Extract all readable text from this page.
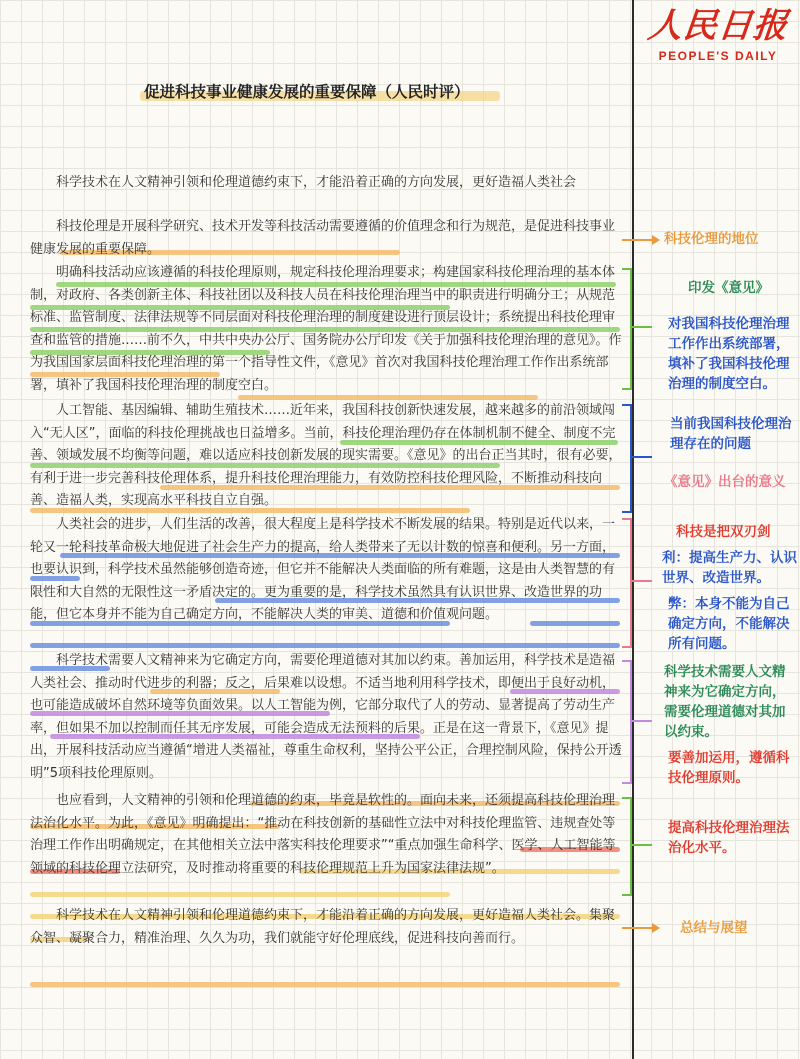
人民日报
PEOPLE'S DAILY
促进科技事业健康发展的重要保障（人民时评）

科学技术在人文精神引领和伦理道德约束下，才能沿着正确的方向发展，更好造福人类社会

科技伦理是开展科学研究、技术开发等科技活动需要遵循的价值理念和行为规范，是促进科技事业健康发展的重要保障。

明确科技活动应该遵循的科技伦理原则，规定科技伦理治理要求；构建国家科技伦理治理的基本体制，对政府、各类创新主体、科技社团以及科技人员在科技伦理治理当中的职责进行明确分工；从规范标准、监管制度、法律法规等不同层面对科技伦理治理的制度建设进行顶层设计；系统提出科技伦理审查和监管的措施……前不久，中共中央办公厅、国务院办公厅印发《关于加强科技伦理治理的意见》。作为我国国家层面科技伦理治理的第一个指导性文件，《意见》首次对我国科技伦理治理工作作出系统部署，填补了我国科技伦理治理的制度空白。

人工智能、基因编辑、辅助生殖技术……近年来，我国科技创新快速发展，越来越多的前沿领域闯入“无人区”，面临的科技伦理挑战也日益增多。当前，科技伦理治理仍存在体制机制不健全、制度不完善、领域发展不均衡等问题，难以适应科技创新发展的现实需要。《意见》的出台正当其时，很有必要，有利于进一步完善科技伦理体系，提升科技伦理治理能力，有效防控科技伦理风险，不断推动科技向善、造福人类，实现高水平科技自立自强。

人类社会的进步，人们生活的改善，很大程度上是科学技术不断发展的结果。特别是近代以来，一轮又一轮科技革命极大地促进了社会生产力的提高，给人类带来了无以计数的惊喜和便利。另一方面，也要认识到，科学技术虽然能够创造奇迹，但它并不能解决人类面临的所有难题，这是由人类智慧的有限性和大自然的无限性这一矛盾决定的。更为重要的是，科学技术虽然具有认识世界、改造世界的功能，但它本身并不能为自己确定方向，不能解决人类的审美、道德和价值观问题。

科学技术需要人文精神来为它确定方向，需要伦理道德对其加以约束。善加运用，科学技术是造福人类社会、推动时代进步的利器；反之，后果难以设想。不适当地利用科学技术，即便出于良好动机，也可能造成破坏自然环境等负面效果。以人工智能为例，它部分取代了人的劳动、显著提高了劳动生产率，但如果不加以控制而任其无序发展，可能会造成无法预料的后果。正是在这一背景下，《意见》提出，开展科技活动应当遵循“增进人类福祉，尊重生命权利，坚持公平公正，合理控制风险，保持公开透明”5项科技伦理原则。

也应看到，人文精神的引领和伦理道德的约束，毕竟是软性的。面向未来，还须提高科技伦理治理法治化水平。为此，《意见》明确提出：“推动在科技创新的基础性立法中对科技伦理监管、违规查处等治理工作作出明确规定，在其他相关立法中落实科技伦理要求”“重点加强生命科学、医学、人工智能等领域的科技伦理立法研究，及时推动将重要的科技伦理规范上升为国家法律法规”。

科学技术在人文精神引领和伦理道德约束下，才能沿着正确的方向发展，更好造福人类社会。集聚众智、凝聚合力，精准治理、久久为功，我们就能守好伦理底线，促进科技向善而行。

科技伦理的地位
印发《意见》
对我国科技伦理治理工作作出系统部署，填补了我国科技伦理治理的制度空白。
当前我国科技伦理治理存在的问题
《意见》出台的意义
科技是把双刃剑
利：提高生产力、认识世界、改造世界。
弊：本身不能为自己确定方向，不能解决所有问题。
科学技术需要人文精神来为它确定方向，需要伦理道德对其加以约束。
要善加运用，遵循科技伦理原则。
提高科技伦理治理法治化水平。
总结与展望
